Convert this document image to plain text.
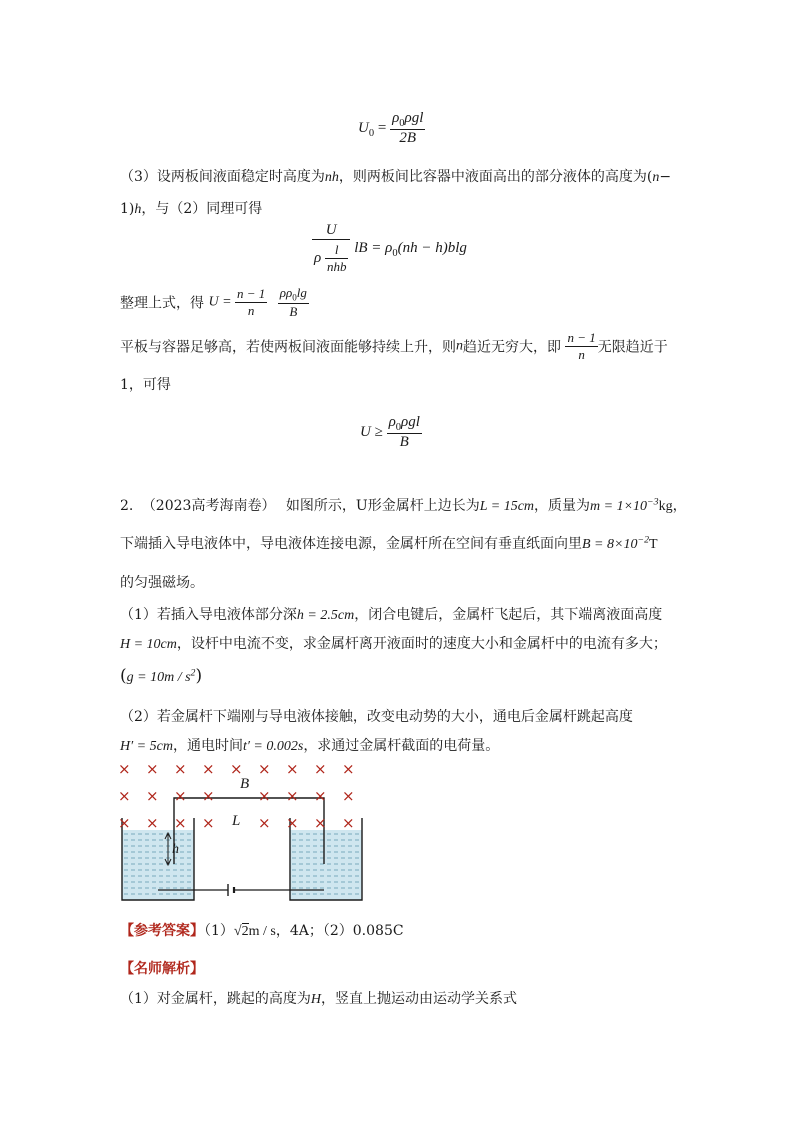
$U_0 = \frac{\rho_0\rho gl}{2B}$
（3）设两板间液面稳定时高度为nh，则两板间比容器中液面高出的部分液体的高度为(n−
1)h，与（2）同理可得
$\frac{U}{\rho \frac{l}{\text{nhb}}}$ lB = $\rho_0(nh - h)blg$
整理上式，得 $U = \frac{n - 1}{n}$
$\frac{\rho\rho_0\lg}{B}$
平板与容器足够高，若使两板间液面能够持续上升，则n趋近无穷大，即 $\frac{n - 1}{n}$ 无限趋近于
1，可得
$U \ge \frac{\rho_0\rho gl}{B}$
2. （2023高考海南卷） 如图所示，U形金属杆上边长为L = 15cm，质量为$m = 1\times 10^{-3}kg$，
下端插入导电液体中，导电液体连接电源，金属杆所在空间有垂直纸面向里$B = 8\times 10^{-2}T$
的匀强磁场。
（1）若插入导电液体部分深h = 2.5cm，闭合电键后，金属杆飞起后，其下端离液面高度
H = 10cm，设杆中电流不变，求金属杆离开液面时的速度大小和金属杆中的电流有多大；
$(g = 10m / s^2)$
（2）若金属杆下端刚与导电液体接触，改变电动势的大小，通电后金属杆跳起高度
H′ = 5cm，通电时间t′ = 0.002s，求通过金属杆截面的电荷量。
× × × × × × × × ×
× × × ×	× × × ×
× × × ×	× × × ×
B
L
h
【参考答案】（1）√2m / s，4A；（2）0.085C
【名师解析】
（1）对金属杆，跳起的高度为H，竖直上抛运动由运动学关系式
